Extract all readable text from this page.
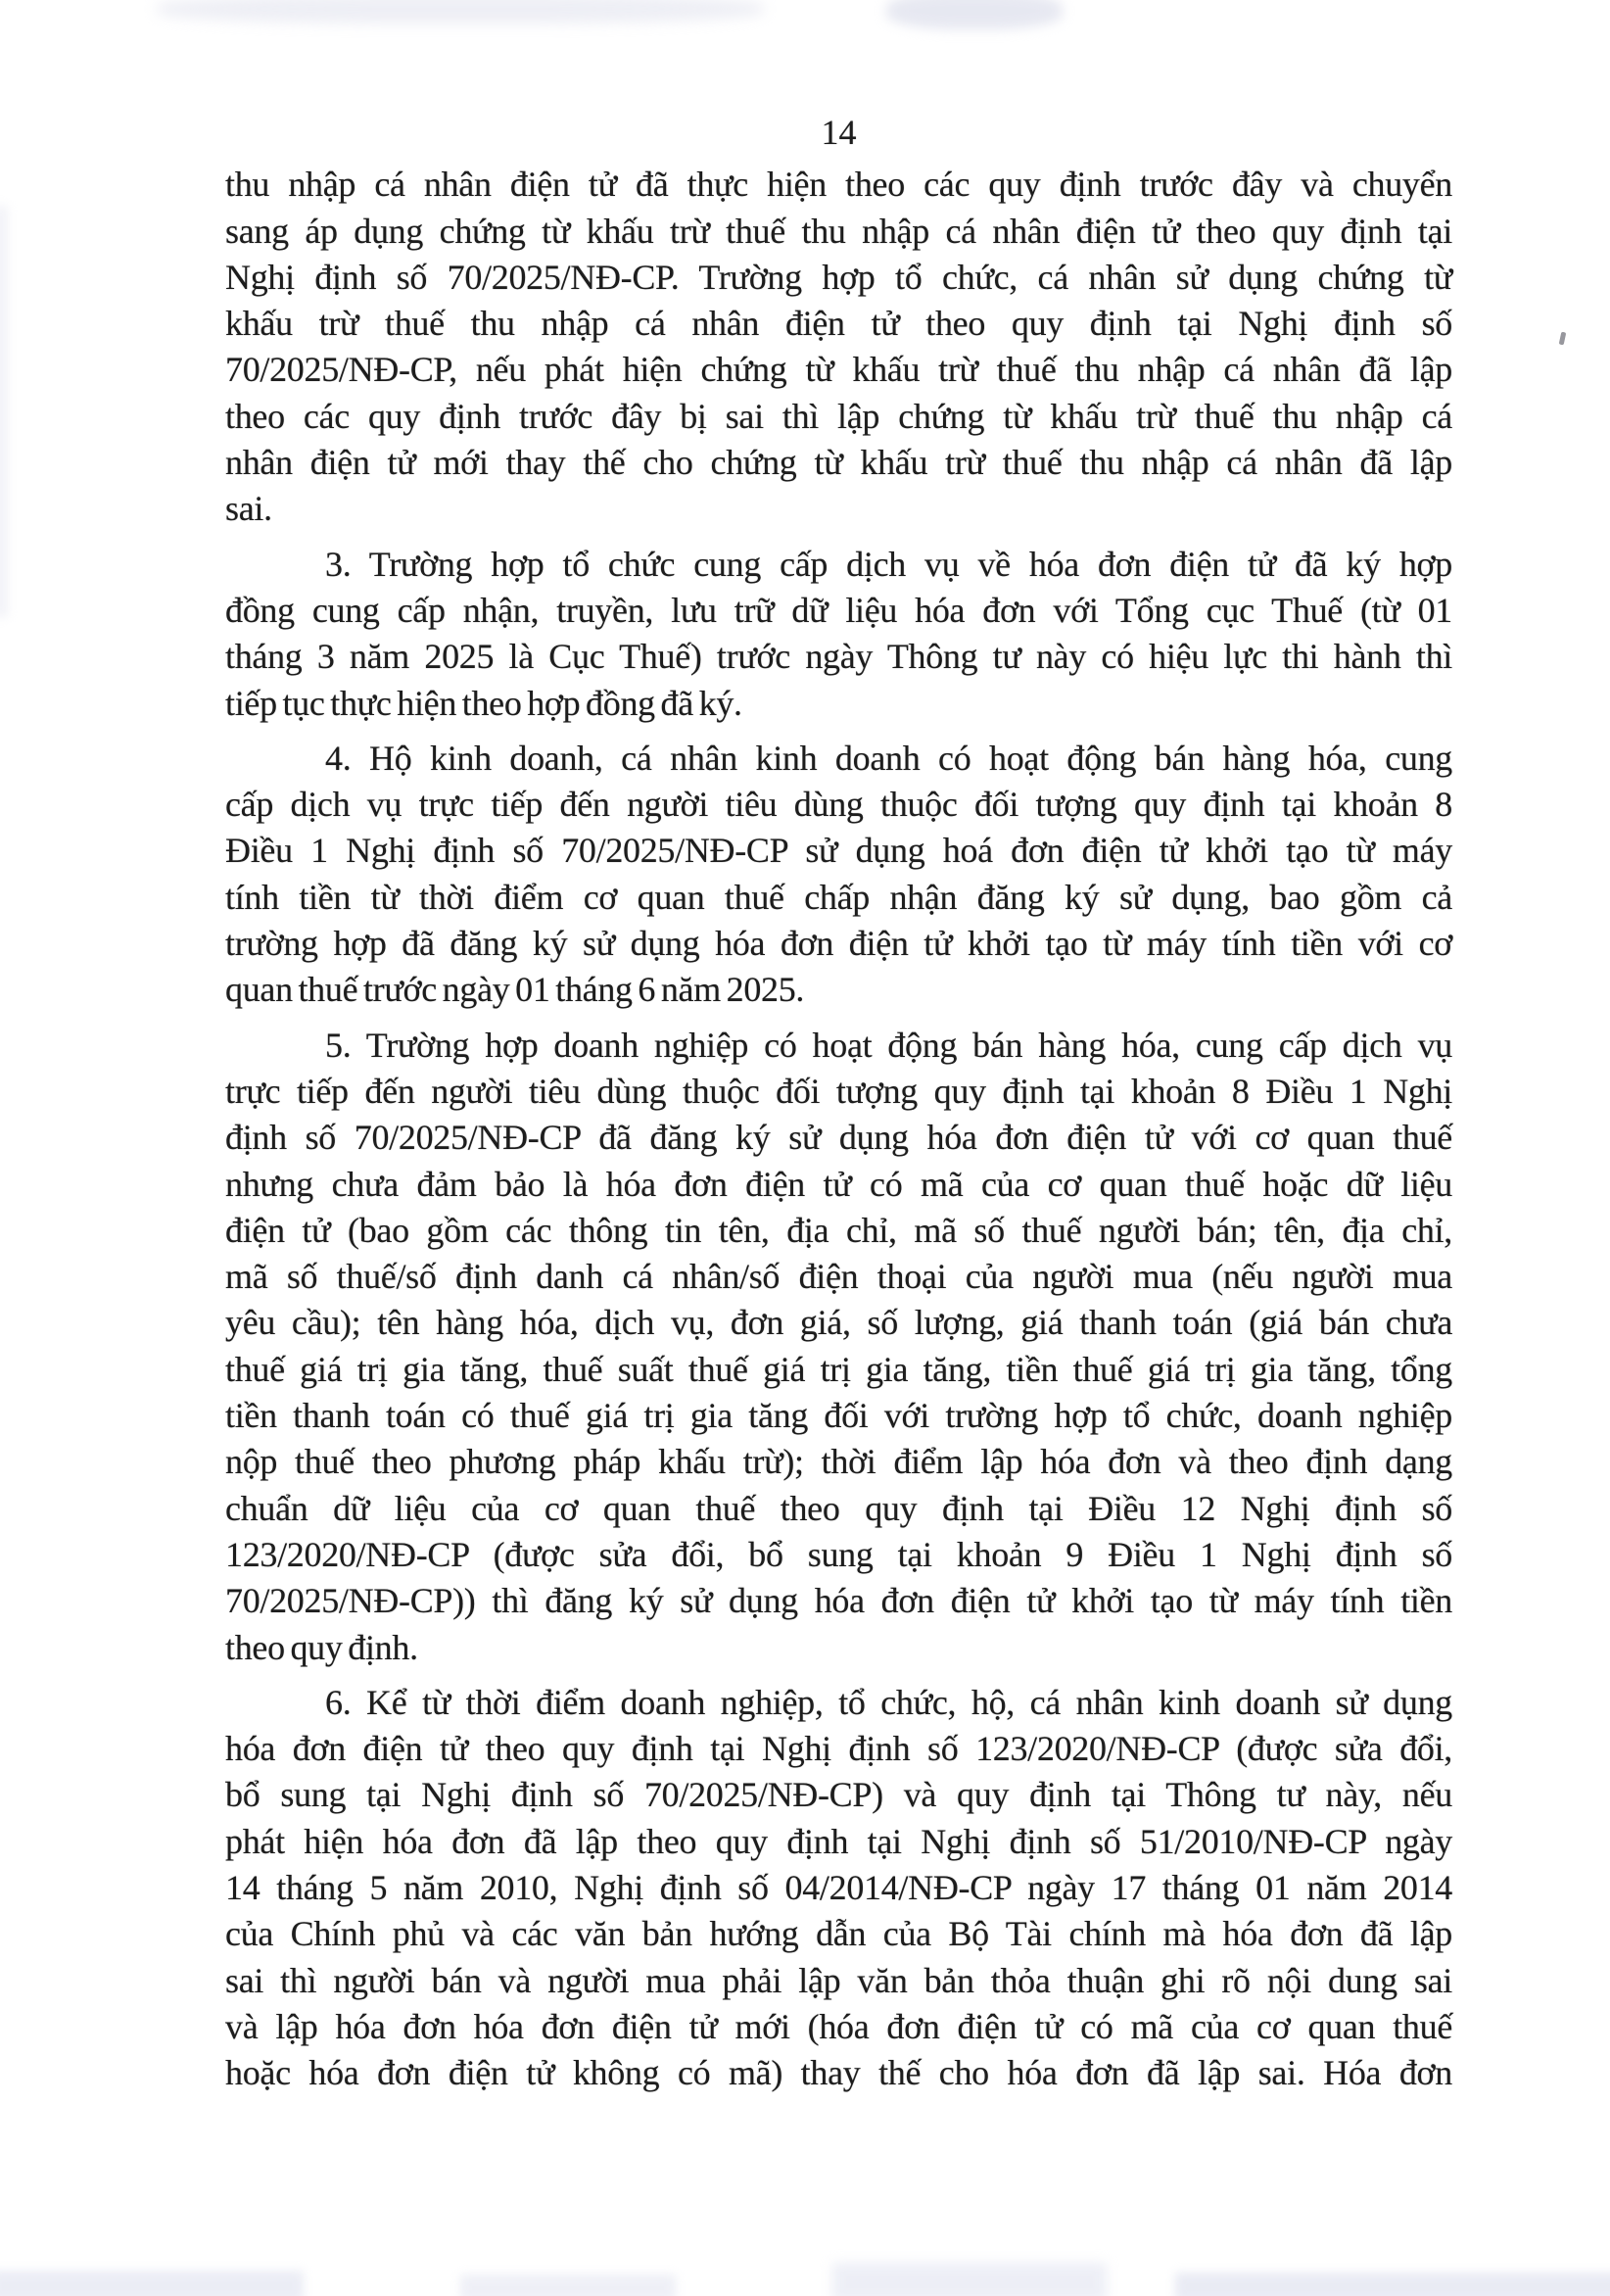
14
thu nhập cá nhân điện tử đã thực hiện theo các quy định trước đây và chuyển
sang áp dụng chứng từ khấu trừ thuế thu nhập cá nhân điện tử theo quy định tại
Nghị định số 70/2025/NĐ-CP. Trường hợp tổ chức, cá nhân sử dụng chứng từ
khấu trừ thuế thu nhập cá nhân điện tử theo quy định tại Nghị định số
70/2025/NĐ-CP, nếu phát hiện chứng từ khấu trừ thuế thu nhập cá nhân đã lập
theo các quy định trước đây bị sai thì lập chứng từ khấu trừ thuế thu nhập cá
nhân điện tử mới thay thế cho chứng từ khấu trừ thuế thu nhập cá nhân đã lập
sai.
3. Trường hợp tổ chức cung cấp dịch vụ về hóa đơn điện tử đã ký hợp
đồng cung cấp nhận, truyền, lưu trữ dữ liệu hóa đơn với Tổng cục Thuế (từ 01
tháng 3 năm 2025 là Cục Thuế) trước ngày Thông tư này có hiệu lực thi hành thì
tiếp tục thực hiện theo hợp đồng đã ký.
4. Hộ kinh doanh, cá nhân kinh doanh có hoạt động bán hàng hóa, cung
cấp dịch vụ trực tiếp đến người tiêu dùng thuộc đối tượng quy định tại khoản 8
Điều 1 Nghị định số 70/2025/NĐ-CP sử dụng hoá đơn điện tử khởi tạo từ máy
tính tiền từ thời điểm cơ quan thuế chấp nhận đăng ký sử dụng, bao gồm cả
trường hợp đã đăng ký sử dụng hóa đơn điện tử khởi tạo từ máy tính tiền với cơ
quan thuế trước ngày 01 tháng 6 năm 2025.
5. Trường hợp doanh nghiệp có hoạt động bán hàng hóa, cung cấp dịch vụ
trực tiếp đến người tiêu dùng thuộc đối tượng quy định tại khoản 8 Điều 1 Nghị
định số 70/2025/NĐ-CP đã đăng ký sử dụng hóa đơn điện tử với cơ quan thuế
nhưng chưa đảm bảo là hóa đơn điện tử có mã của cơ quan thuế hoặc dữ liệu
điện tử (bao gồm các thông tin tên, địa chỉ, mã số thuế người bán; tên, địa chỉ,
mã số thuế/số định danh cá nhân/số điện thoại của người mua (nếu người mua
yêu cầu); tên hàng hóa, dịch vụ, đơn giá, số lượng, giá thanh toán (giá bán chưa
thuế giá trị gia tăng, thuế suất thuế giá trị gia tăng, tiền thuế giá trị gia tăng, tổng
tiền thanh toán có thuế giá trị gia tăng đối với trường hợp tổ chức, doanh nghiệp
nộp thuế theo phương pháp khấu trừ); thời điểm lập hóa đơn và theo định dạng
chuẩn dữ liệu của cơ quan thuế theo quy định tại Điều 12 Nghị định số
123/2020/NĐ-CP (được sửa đổi, bổ sung tại khoản 9 Điều 1 Nghị định số
70/2025/NĐ-CP)) thì đăng ký sử dụng hóa đơn điện tử khởi tạo từ máy tính tiền
theo quy định.
6. Kể từ thời điểm doanh nghiệp, tổ chức, hộ, cá nhân kinh doanh sử dụng
hóa đơn điện tử theo quy định tại Nghị định số 123/2020/NĐ-CP (được sửa đổi,
bổ sung tại Nghị định số 70/2025/NĐ-CP) và quy định tại Thông tư này, nếu
phát hiện hóa đơn đã lập theo quy định tại Nghị định số 51/2010/NĐ-CP ngày
14 tháng 5 năm 2010, Nghị định số 04/2014/NĐ-CP ngày 17 tháng 01 năm 2014
của Chính phủ và các văn bản hướng dẫn của Bộ Tài chính mà hóa đơn đã lập
sai thì người bán và người mua phải lập văn bản thỏa thuận ghi rõ nội dung sai
và lập hóa đơn hóa đơn điện tử mới (hóa đơn điện tử có mã của cơ quan thuế
hoặc hóa đơn điện tử không có mã) thay thế cho hóa đơn đã lập sai. Hóa đơn
